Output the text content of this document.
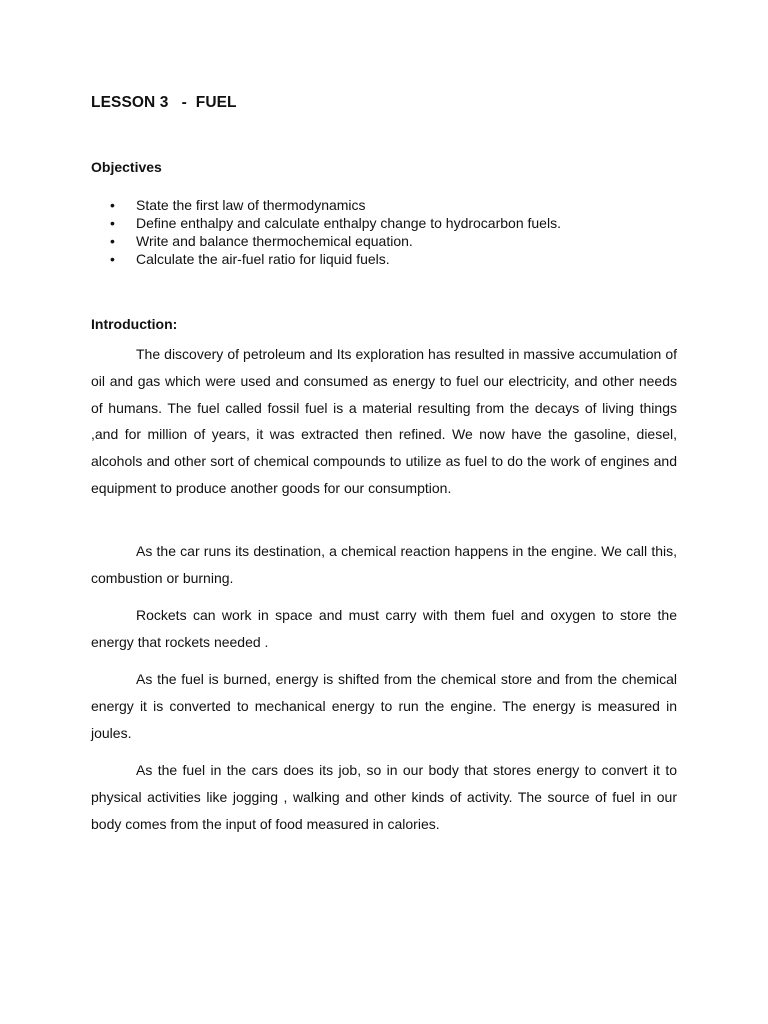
LESSON 3   -  FUEL
Objectives
• State the first law of thermodynamics
• Define enthalpy and calculate enthalpy change to hydrocarbon fuels.
• Write and balance thermochemical equation.
• Calculate the air-fuel ratio for liquid fuels.
Introduction:

The discovery of petroleum and Its exploration has resulted in massive accumulation of oil and gas which were used and consumed as energy to fuel our electricity, and other needs of humans. The fuel called fossil fuel is a material resulting from the decays of living things ,and for million of years, it was extracted then refined. We now have the gasoline, diesel, alcohols and other sort of chemical compounds to utilize as fuel to do the work of engines and equipment to produce another goods for our consumption.

As the car runs its destination, a chemical reaction happens in the engine. We call this, combustion or burning.

Rockets can work in space and must carry with them fuel and oxygen to store the energy that rockets needed .

As the fuel is burned, energy is shifted from the chemical store and from the chemical energy it is converted to mechanical energy to run the engine. The energy is measured in joules.

As the fuel in the cars does its job, so in our body that stores energy to convert it to physical activities like jogging , walking and other kinds of activity. The source of fuel in our body comes from the input of food measured in calories.
